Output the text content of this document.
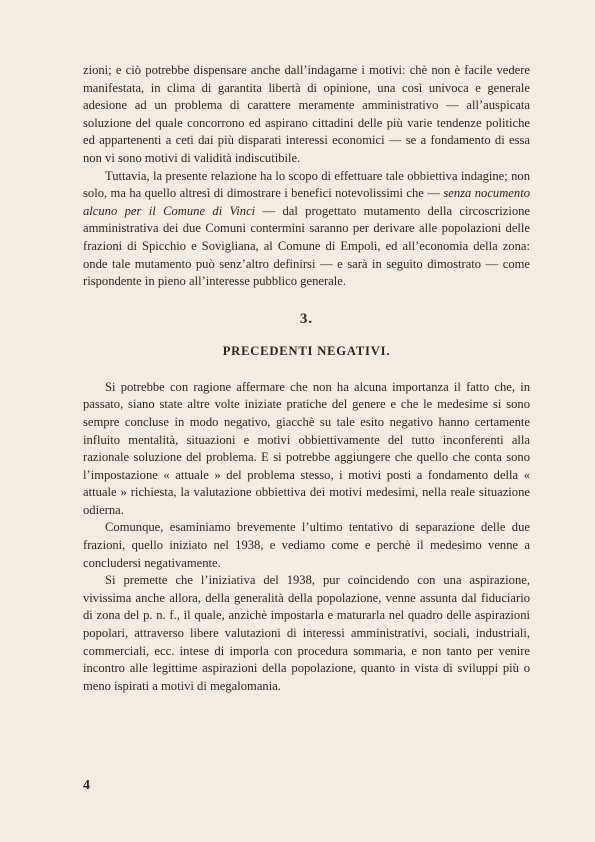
zioni; e ciò potrebbe dispensare anche dall’indagarne i motivi: chè non è facile vedere manifestata, in clima di garantita libertà di opinione, una così univoca e generale adesione ad un problema di carattere meramente amministrativo — all’auspicata soluzione del quale concorrono ed aspirano cittadini delle più varie tendenze politiche ed appartenenti a ceti dai più disparati interessi economici — se a fondamento di essa non vi sono motivi di validità indiscutibile.

Tuttavia, la presente relazione ha lo scopo di effettuare tale obbiettiva indagine; non solo, ma ha quello altresì di dimostrare i benefici notevolissimi che — senza nocumento alcuno per il Comune di Vinci — dal progettato mutamento della circoscrizione amministrativa dei due Comuni contermini saranno per derivare alle popolazioni delle frazioni di Spicchio e Sovigliana, al Comune di Empoli, ed all’economia della zona: onde tale mutamento può senz’altro definirsi — e sarà in seguito dimostrato — come rispondente in pieno all’interesse pubblico generale.

3.
PRECEDENTI NEGATIVI.

Si potrebbe con ragione affermare che non ha alcuna importanza il fatto che, in passato, siano state altre volte iniziate pratiche del genere e che le medesime si sono sempre concluse in modo negativo, giacchè su tale esito negativo hanno certamente influito mentalità, situazioni e motivi obbiettivamente del tutto inconferenti alla razionale soluzione del problema. E si potrebbe aggiungere che quello che conta sono l’impostazione « attuale » del problema stesso, i motivi posti a fondamento della « attuale » richiesta, la valutazione obbiettiva dei motivi medesimi, nella reale situazione odierna.

Comunque, esaminiamo brevemente l’ultimo tentativo di separazione delle due frazioni, quello iniziato nel 1938, e vediamo come e perchè il medesimo venne a concludersi negativamente.

Si premette che l’iniziativa del 1938, pur coincidendo con una aspirazione, vivissima anche allora, della generalità della popolazione, venne assunta dal fiduciario di zona del p. n. f., il quale, anzichè impostarla e maturarla nel quadro delle aspirazioni popolari, attraverso libere valutazioni di interessi amministrativi, sociali, industriali, commerciali, ecc. intese di imporla con procedura sommaria, e non tanto per venire incontro alle legittime aspirazioni della popolazione, quanto in vista di sviluppi più o meno ispirati a motivi di megalomania.

4
